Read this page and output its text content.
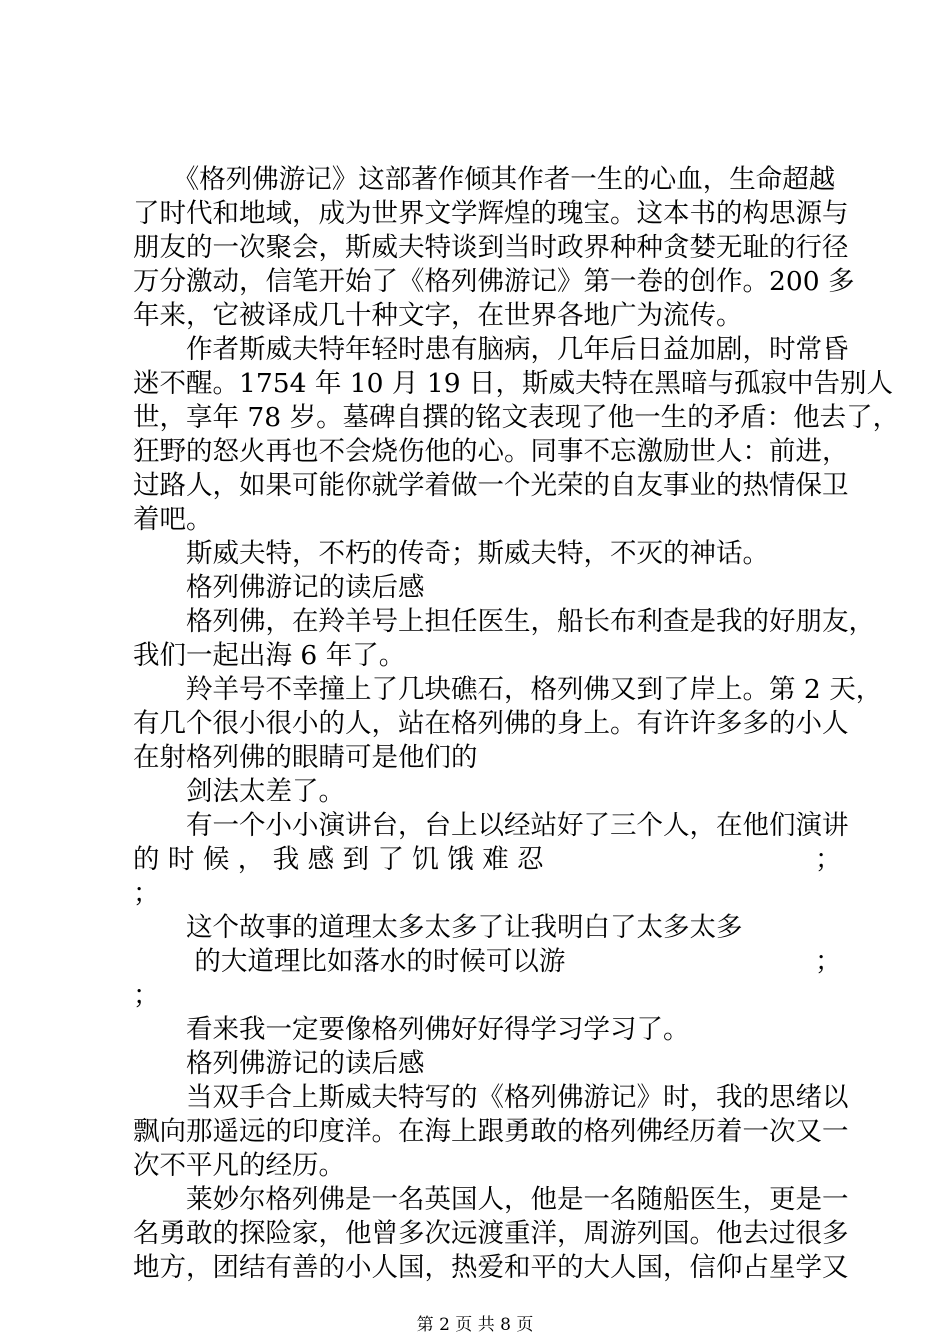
　　《格列佛游记》这部著作倾其作者一生的心血，生命超越
了时代和地域，成为世界文学辉煌的瑰宝。这本书的构思源与
朋友的一次聚会，斯威夫特谈到当时政界种种贪婪无耻的行径
万分激动，信笔开始了《格列佛游记》第一卷的创作。200 多
年来，它被译成几十种文字，在世界各地广为流传。
　　作者斯威夫特年轻时患有脑病，几年后日益加剧，时常昏
迷不醒。1754 年 10 月 19 日，斯威夫特在黑暗与孤寂中告别人
世，享年 78 岁。墓碑自撰的铭文表现了他一生的矛盾：他去了，
狂野的怒火再也不会烧伤他的心。同事不忘激励世人：前进，
过路人，如果可能你就学着做一个光荣的自友事业的热情保卫
着吧。
　　斯威夫特，不朽的传奇；斯威夫特，不灭的神话。
　　格列佛游记的读后感
　　格列佛，在羚羊号上担任医生，船长布利查是我的好朋友，
我们一起出海 6 年了。
　　羚羊号不幸撞上了几块礁石，格列佛又到了岸上。第 2 天，
有几个很小很小的人，站在格列佛的身上。有许许多多的小人
在射格列佛的眼睛可是他们的
　　剑法太差了。
　　有一个小小演讲台，台上以经站好了三个人，在他们演讲
的 时 候 ， 我 感 到 了 饥 饿 难 忍	；
；
　　这个故事的道理太多太多了让我明白了太多太多
　　 的大道理比如落水的时候可以游	；
；
　　看来我一定要像格列佛好好得学习学习了。
　　格列佛游记的读后感
　　当双手合上斯威夫特写的《格列佛游记》时，我的思绪以
飘向那遥远的印度洋。在海上跟勇敢的格列佛经历着一次又一
次不平凡的经历。
　　莱妙尔格列佛是一名英国人，他是一名随船医生，更是一
名勇敢的探险家，他曾多次远渡重洋，周游列国。他去过很多
地方，团结有善的小人国，热爱和平的大人国，信仰占星学又
第 2 页 共 8 页
